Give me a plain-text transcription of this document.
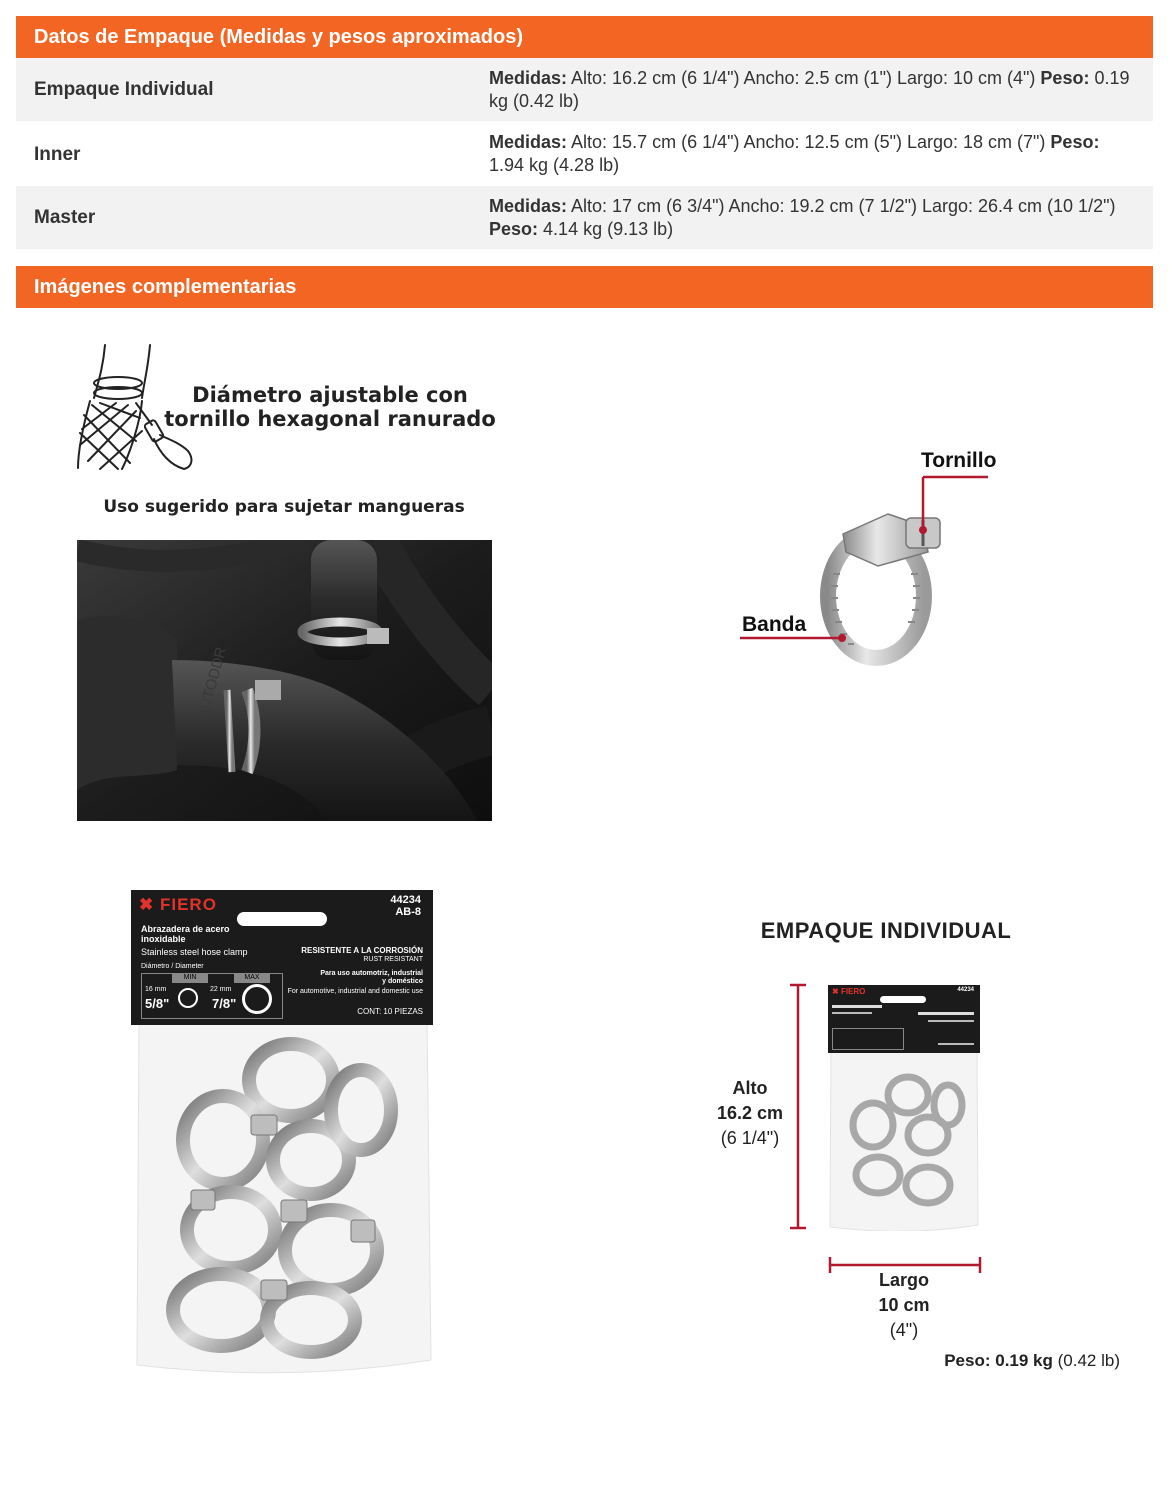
Datos de Empaque (Medidas y pesos aproximados)
Empaque Individual
Medidas: Alto: 16.2 cm (6 1/4") Ancho: 2.5 cm (1") Largo: 10 cm (4") Peso: 0.19 kg (0.42 lb)
Inner
Medidas: Alto: 15.7 cm (6 1/4") Ancho: 12.5 cm (5") Largo: 18 cm (7") Peso: 1.94 kg (4.28 lb)
Master
Medidas: Alto: 17 cm (6 3/4") Ancho: 19.2 cm (7 1/2") Largo: 26.4 cm (10 1/2") Peso: 4.14 kg (9.13 lb)
Imágenes complementarias
Diámetro ajustable con tornillo hexagonal ranurado
Uso sugerido para sujetar mangueras
AUTODDR
Tornillo
Banda
✖ FIERO	44234
AB-8
Abrazadera de acero inoxidable
Stainless steel hose clamp
Diámetro / Diameter
MIN	MAX
16 mm
5/8"
22 mm
7/8"
RESISTENTE A LA CORROSIÓN
RUST RESISTANT
Para uso automotriz, industrial y doméstico
For automotive, industrial and domestic use
CONT: 10 PIEZAS
EMPAQUE INDIVIDUAL
Alto
16.2 cm
(6 1/4")
✖ FIERO	44234
Largo
10 cm
(4")
Peso: 0.19 kg (0.42 lb)
